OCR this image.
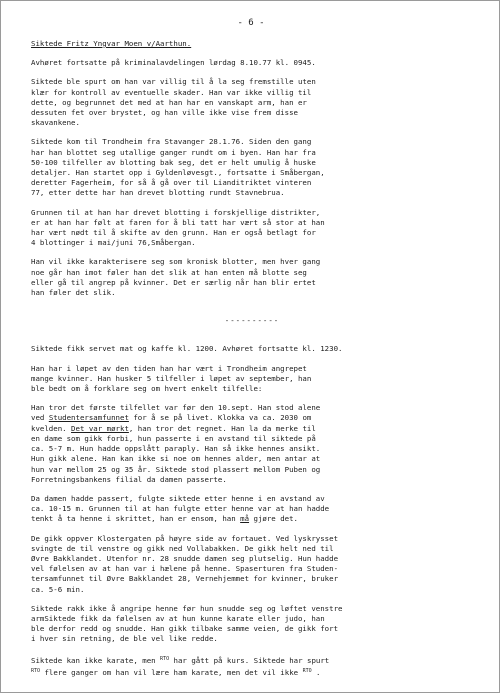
- 6 -
Siktede Fritz Yngvar Moen v/Aarthun.
Avhøret fortsatte på kriminalavdelingen lørdag 8.10.77 kl. 0945.
Siktede ble spurt om han var villig til å la seg fremstille uten
klær for kontroll av eventuelle skader. Han var ikke villig til
dette, og begrunnet det med at han har en vanskapt arm, han er
dessuten fet over brystet, og han ville ikke vise frem disse
skavankene.
Siktede kom til Trondheim fra Stavanger 28.1.76. Siden den gang
har han blottet seg utallige ganger rundt om i byen. Han har fra
50-100 tilfeller av blotting bak seg, det er helt umulig å huske
detaljer. Han startet opp i Gyldenløvesgt., fortsatte i Småbergan,
deretter Fagerheim, for så å gå over til Lianditriktet vinteren
77, etter dette har han drevet blotting rundt Stavnebrua.
Grunnen til at han har drevet blotting i forskjellige distrikter,
er at han har følt at faren for å bli tatt har vært så stor at han
har vært nødt til å skifte av den grunn. Han er også betlagt for
4 blottinger i mai/juni 76,Småbergan.
Han vil ikke karakterisere seg som kronisk blotter, men hver gang
noe går han imot føler han det slik at han enten må blotte seg
eller gå til angrep på kvinner. Det er særlig når han blir ertet
han føler det slik.
----------
Siktede fikk servet mat og kaffe kl. 1200. Avhøret fortsatte kl. 1230.
Han har i løpet av den tiden han har vært i Trondheim angrepet
mange kvinner. Han husker 5 tilfeller i løpet av september, han
ble bedt om å forklare seg om hvert enkelt tilfelle:
Han tror det første tilfellet var før den 10.sept. Han stod alene
ved Studentersamfunnet for å se på livet. Klokka va ca. 2030 om
kvelden. Det var mørkt, han tror det regnet. Han la da merke til
en dame som gikk forbi, hun passerte i en avstand til siktede på
ca. 5-7 m. Hun hadde oppslått paraply. Han så ikke hennes ansikt.
Hun gikk alene. Han kan ikke si noe om hennes alder, men antar at
hun var mellom 25 og 35 år. Siktede stod plassert mellom Puben og
Forretningsbankens filial da damen passerte.
Da damen hadde passert, fulgte siktede etter henne i en avstand av
ca. 10-15 m. Grunnen til at han fulgte etter henne var at han hadde
tenkt å ta henne i skrittet, han er ensom, han må gjøre det.
De gikk oppver Klostergaten på høyre side av fortauet. Ved lyskrysset
svingte de til venstre og gikk ned Vollabakken. De gikk helt ned til
Øvre Bakklandet. Utenfor nr. 28 snudde damen seg plutselig. Hun hadde
vel følelsen av at han var i hælene på henne. Spaserturen fra Studen-
tersamfunnet til Øvre Bakklandet 28, Vernehjemmet for kvinner, bruker
ca. 5-6 min.
Siktede rakk ikke å angripe henne før hun snudde seg og løftet venstre
armSiktede fikk da følelsen av at hun kunne karate eller judo, han
ble derfor redd og snudde. Han gikk tilbake samme veien, de gikk fort
i hver sin retning, de ble vel like redde.
Siktede kan ikke karate, men $^{RTO}$ har gått på kurs. Siktede har spurt
$^{RTO}$ flere ganger om han vil lære ham karate, men det vil ikke $^{RTO}$ .
